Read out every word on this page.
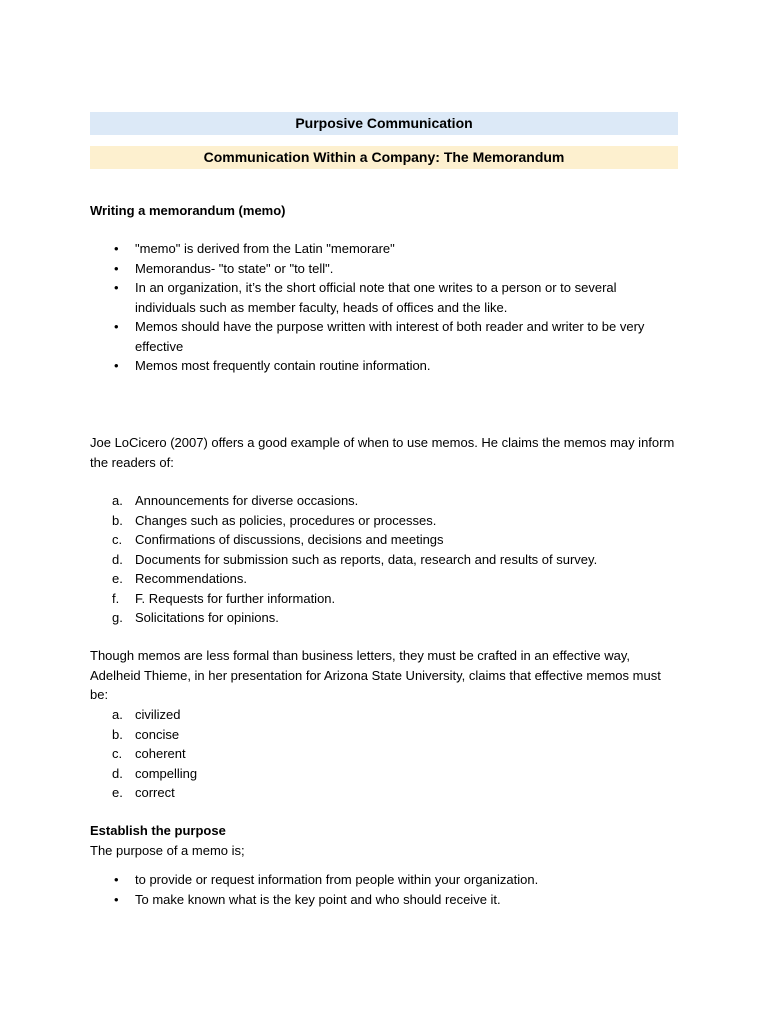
Purposive Communication
Communication Within a Company: The Memorandum

Writing a memorandum (memo)

• "memo" is derived from the Latin "memorare"
• Memorandus- "to state" or "to tell".
• In an organization, it’s the short official note that one writes to a person or to several individuals such as member faculty, heads of offices and the like.
• Memos should have the purpose written with interest of both reader and writer to be very effective
• Memos most frequently contain routine information.

Joe LoCicero (2007) offers a good example of when to use memos. He claims the memos may inform the readers of:

a. Announcements for diverse occasions.
b. Changes such as policies, procedures or processes.
c. Confirmations of discussions, decisions and meetings
d. Documents for submission such as reports, data, research and results of survey.
e. Recommendations.
f. F. Requests for further information.
g. Solicitations for opinions.

Though memos are less formal than business letters, they must be crafted in an effective way, Adelheid Thieme, in her presentation for Arizona State University, claims that effective memos must be:

a. civilized
b. concise
c. coherent
d. compelling
e. correct

Establish the purpose

The purpose of a memo is;

• to provide or request information from people within your organization.
• To make known what is the key point and who should receive it.
